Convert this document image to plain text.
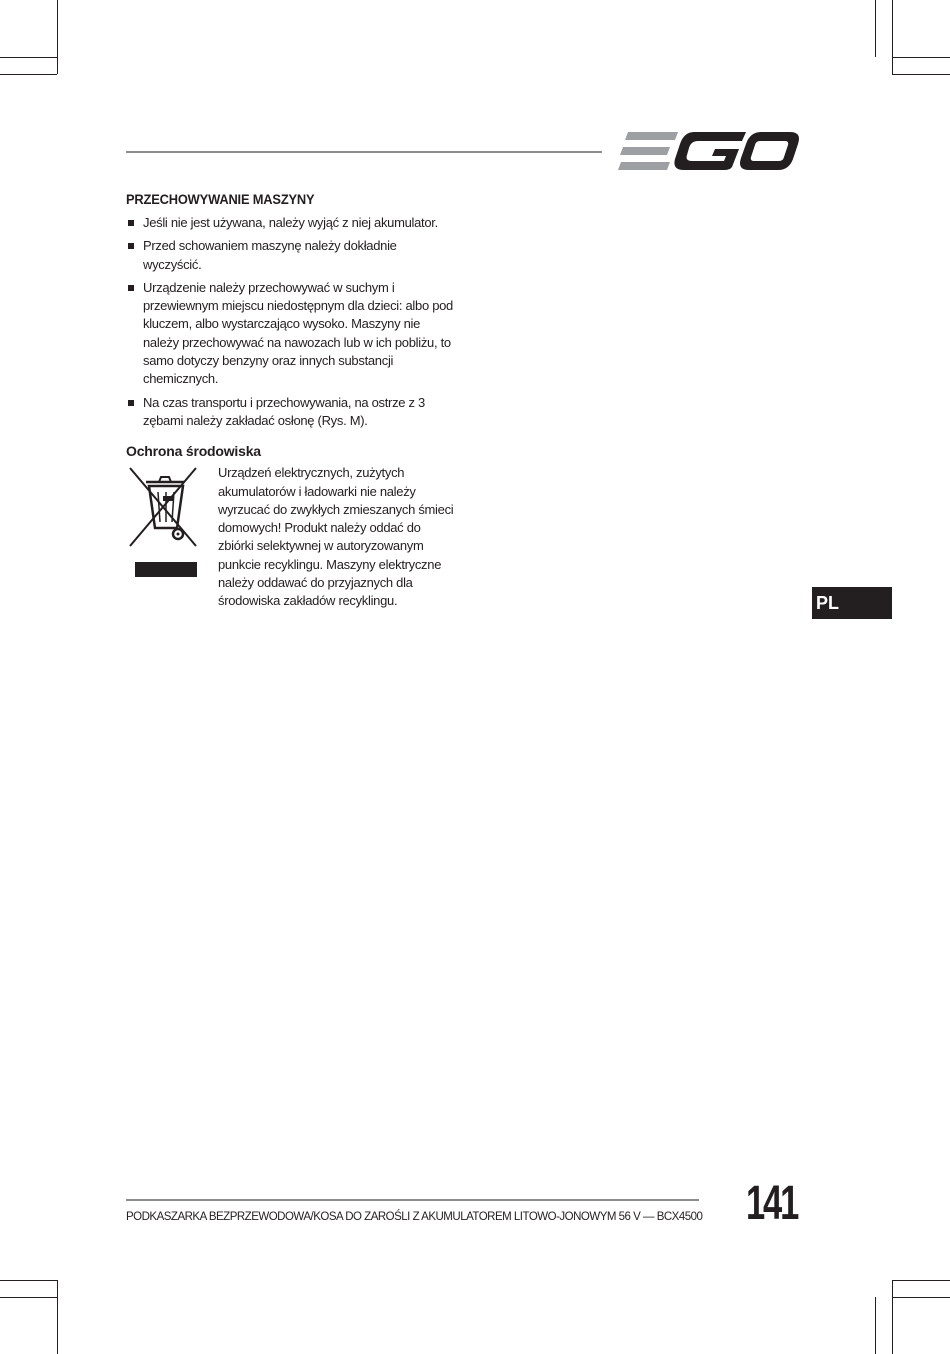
PRZECHOWYWANIE MASZYNY
Jeśli nie jest używana, należy wyjąć z niej akumulator.
Przed schowaniem maszynę należy dokładnie wyczyścić.
Urządzenie należy przechowywać w suchym i przewiewnym miejscu niedostępnym dla dzieci: albo pod kluczem, albo wystarczająco wysoko. Maszyny nie należy przechowywać na nawozach lub w ich pobliżu, to samo dotyczy benzyny oraz innych substancji chemicznych.
Na czas transportu i przechowywania, na ostrze z 3 zębami należy zakładać osłonę (Rys. M).
Ochrona środowiska
Urządzeń elektrycznych, zużytych akumulatorów i ładowarki nie należy wyrzucać do zwykłych zmieszanych śmieci domowych! Produkt należy oddać do zbiórki selektywnej w autoryzowanym punkcie recyklingu. Maszyny elektryczne należy oddawać do przyjaznych dla środowiska zakładów recyklingu.	PL
PODKASZARKA BEZPRZEWODOWA/KOSA DO ZAROŚLI Z AKUMULATOREM LITOWO-JONOWYM 56 V — BCX4500 141
